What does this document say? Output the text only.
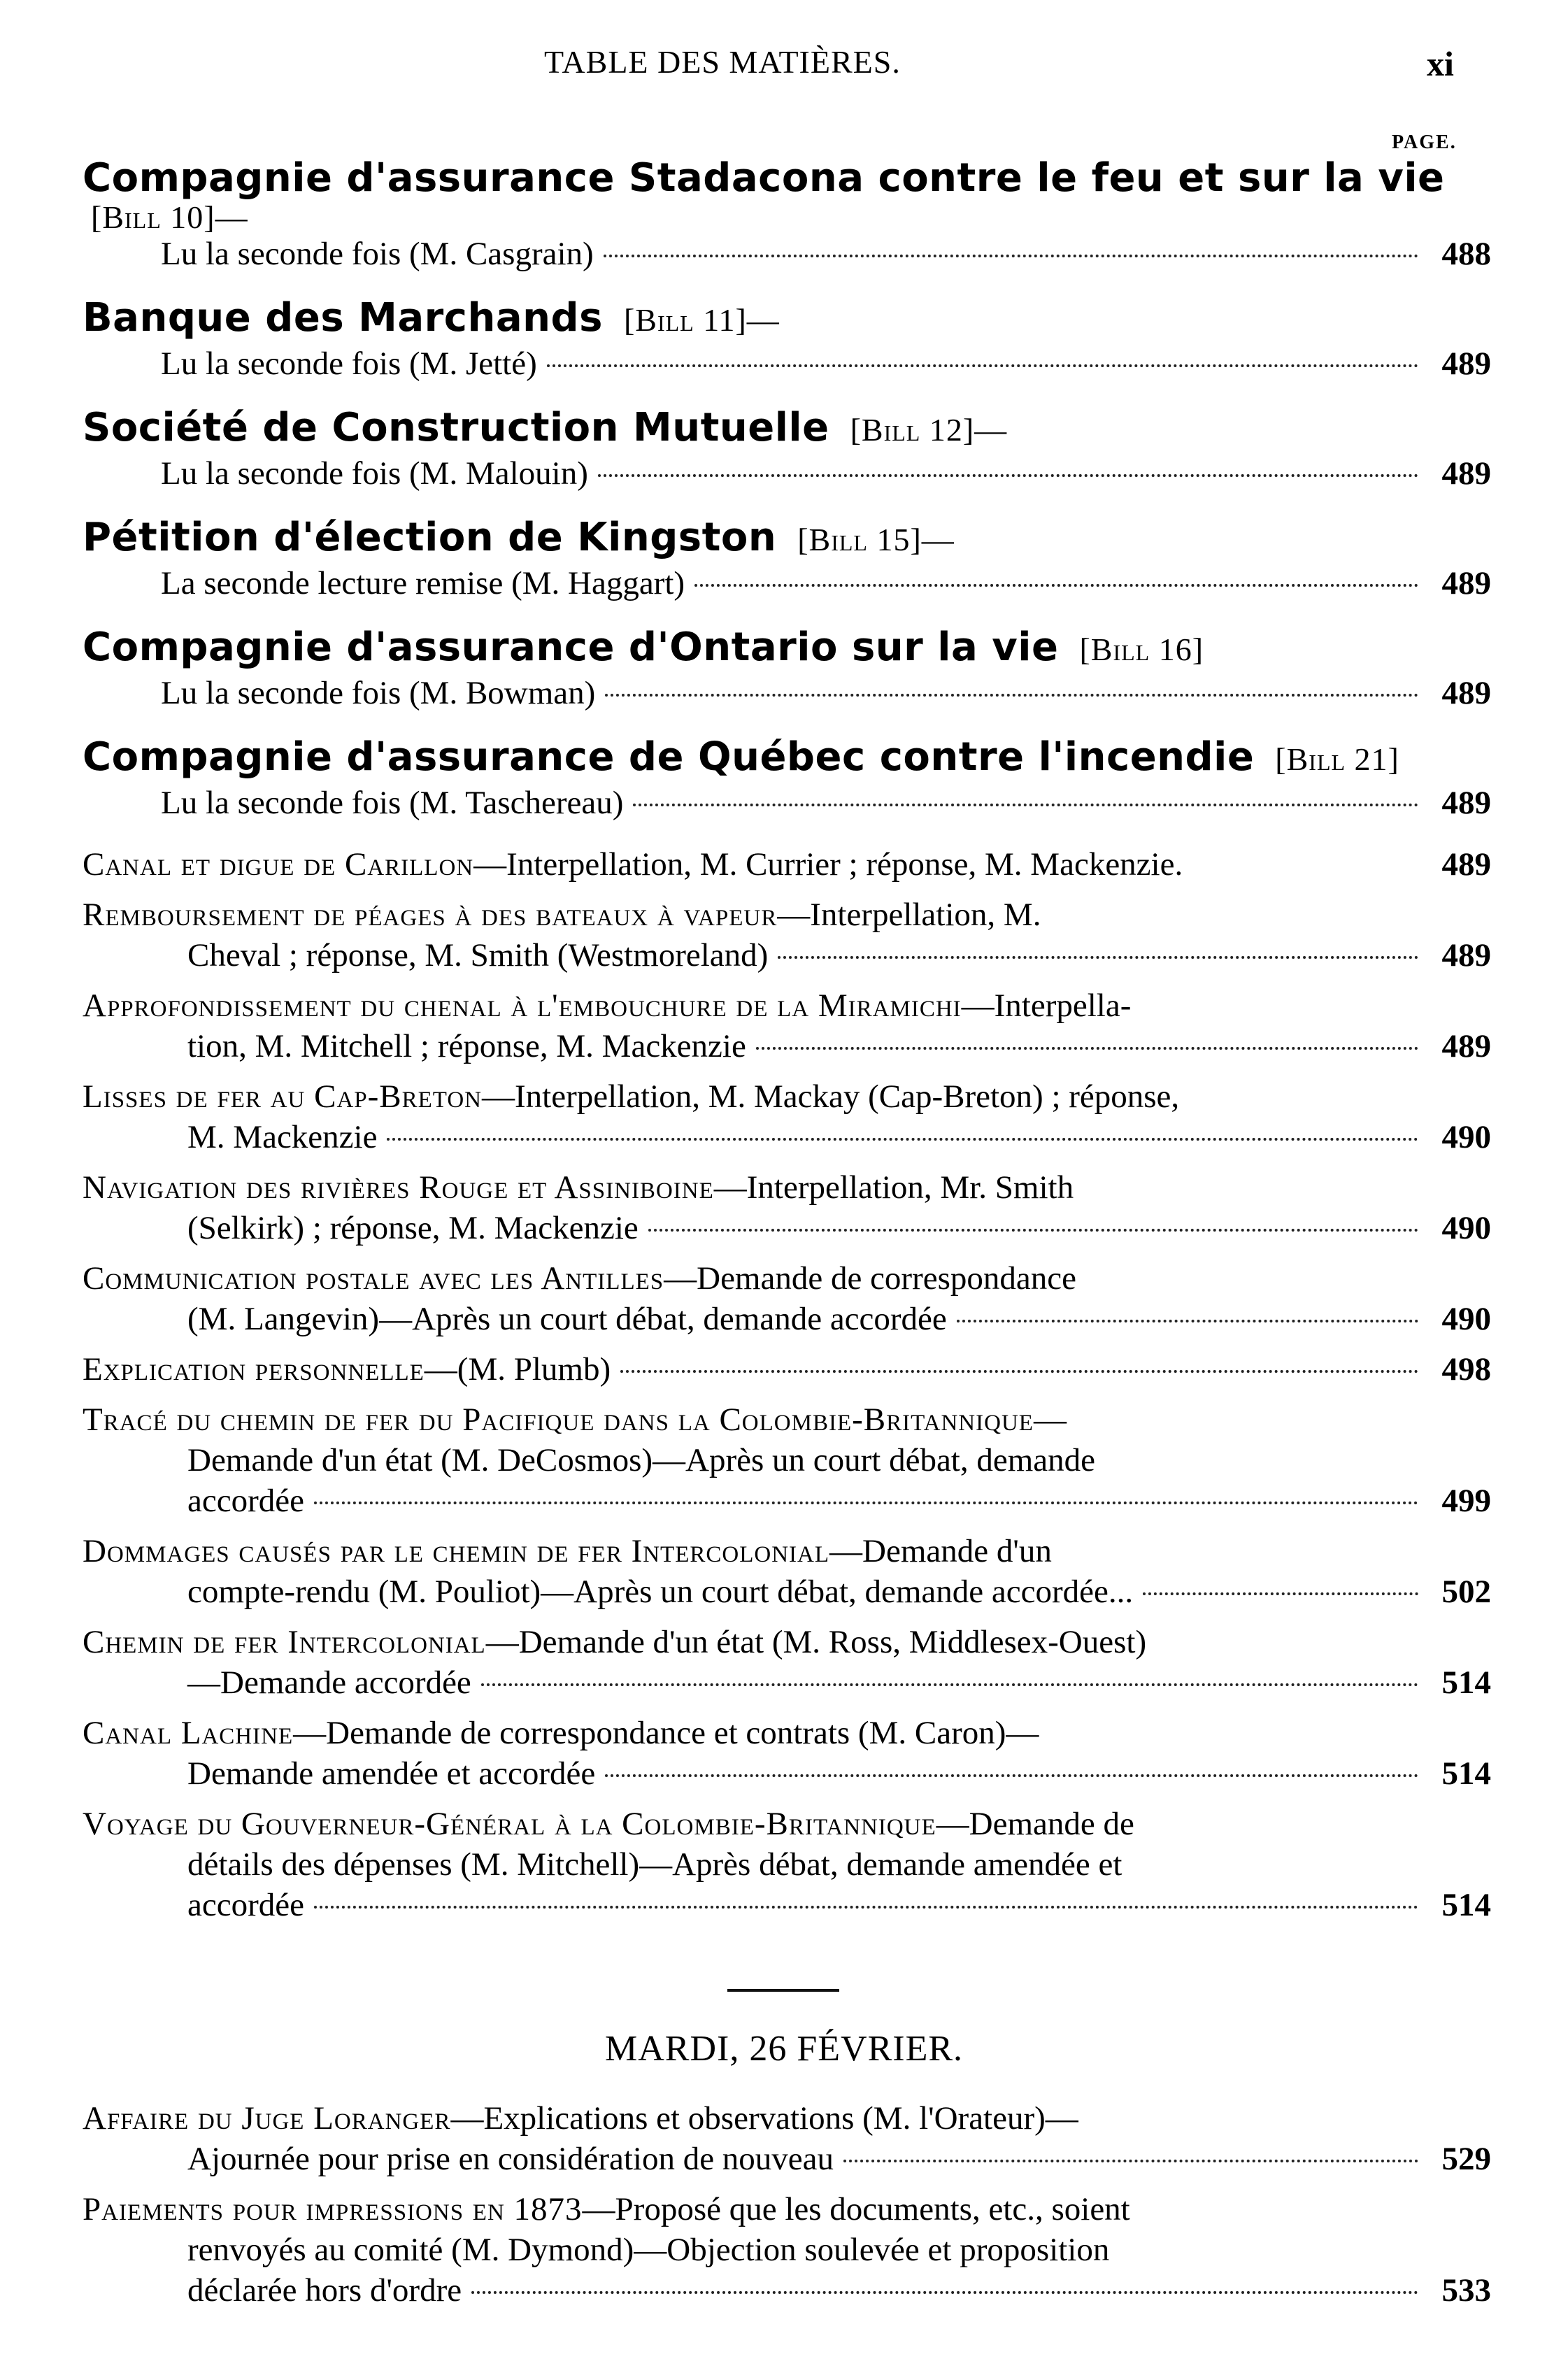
TABLE DES MATIÈRES.	xi
PAGE.
Compagnie d'assurance Stadacona contre le feu et sur la vie
[Bill 10]—
Lu la seconde fois (M. Casgrain)	488
Banque des Marchands [Bill 11]—
Lu la seconde fois (M. Jetté)	489
Société de Construction Mutuelle [Bill 12]—
Lu la seconde fois (M. Malouin)	489
Pétition d'élection de Kingston [Bill 15]—
La seconde lecture remise (M. Haggart)	489
Compagnie d'assurance d'Ontario sur la vie [Bill 16]
Lu la seconde fois (M. Bowman)	489
Compagnie d'assurance de Québec contre l'incendie [Bill 21]
Lu la seconde fois (M. Taschereau)	489
Canal et digue de Carillon—Interpellation, M. Currier ; réponse, M. Mackenzie.	489
Remboursement de péages à des bateaux à vapeur—Interpellation, M.
Cheval ; réponse, M. Smith (Westmoreland)	489
Approfondissement du chenal à l'embouchure de la Miramichi—Interpella-
tion, M. Mitchell ; réponse, M. Mackenzie	489
Lisses de fer au Cap-Breton—Interpellation, M. Mackay (Cap-Breton) ; réponse,
M. Mackenzie	490
Navigation des rivières Rouge et Assiniboine—Interpellation, Mr. Smith
(Selkirk) ; réponse, M. Mackenzie	490
Communication postale avec les Antilles—Demande de correspondance
(M. Langevin)—Après un court débat, demande accordée	490
Explication personnelle—(M. Plumb)	498
Tracé du chemin de fer du Pacifique dans la Colombie-Britannique—
Demande d'un état (M. DeCosmos)—Après un court débat, demande
accordée	499
Dommages causés par le chemin de fer Intercolonial—Demande d'un
compte-rendu (M. Pouliot)—Après un court débat, demande accordée...	502
Chemin de fer Intercolonial—Demande d'un état (M. Ross, Middlesex-Ouest)
—Demande accordée	514
Canal Lachine—Demande de correspondance et contrats (M. Caron)—
Demande amendée et accordée	514
Voyage du Gouverneur-Général à la Colombie-Britannique—Demande de
détails des dépenses (M. Mitchell)—Après débat, demande amendée et
accordée	514
MARDI, 26 FÉVRIER.
Affaire du Juge Loranger—Explications et observations (M. l'Orateur)—
Ajournée pour prise en considération de nouveau	529
Paiements pour impressions en 1873—Proposé que les documents, etc., soient
renvoyés au comité (M. Dymond)—Objection soulevée et proposition
déclarée hors d'ordre	533
